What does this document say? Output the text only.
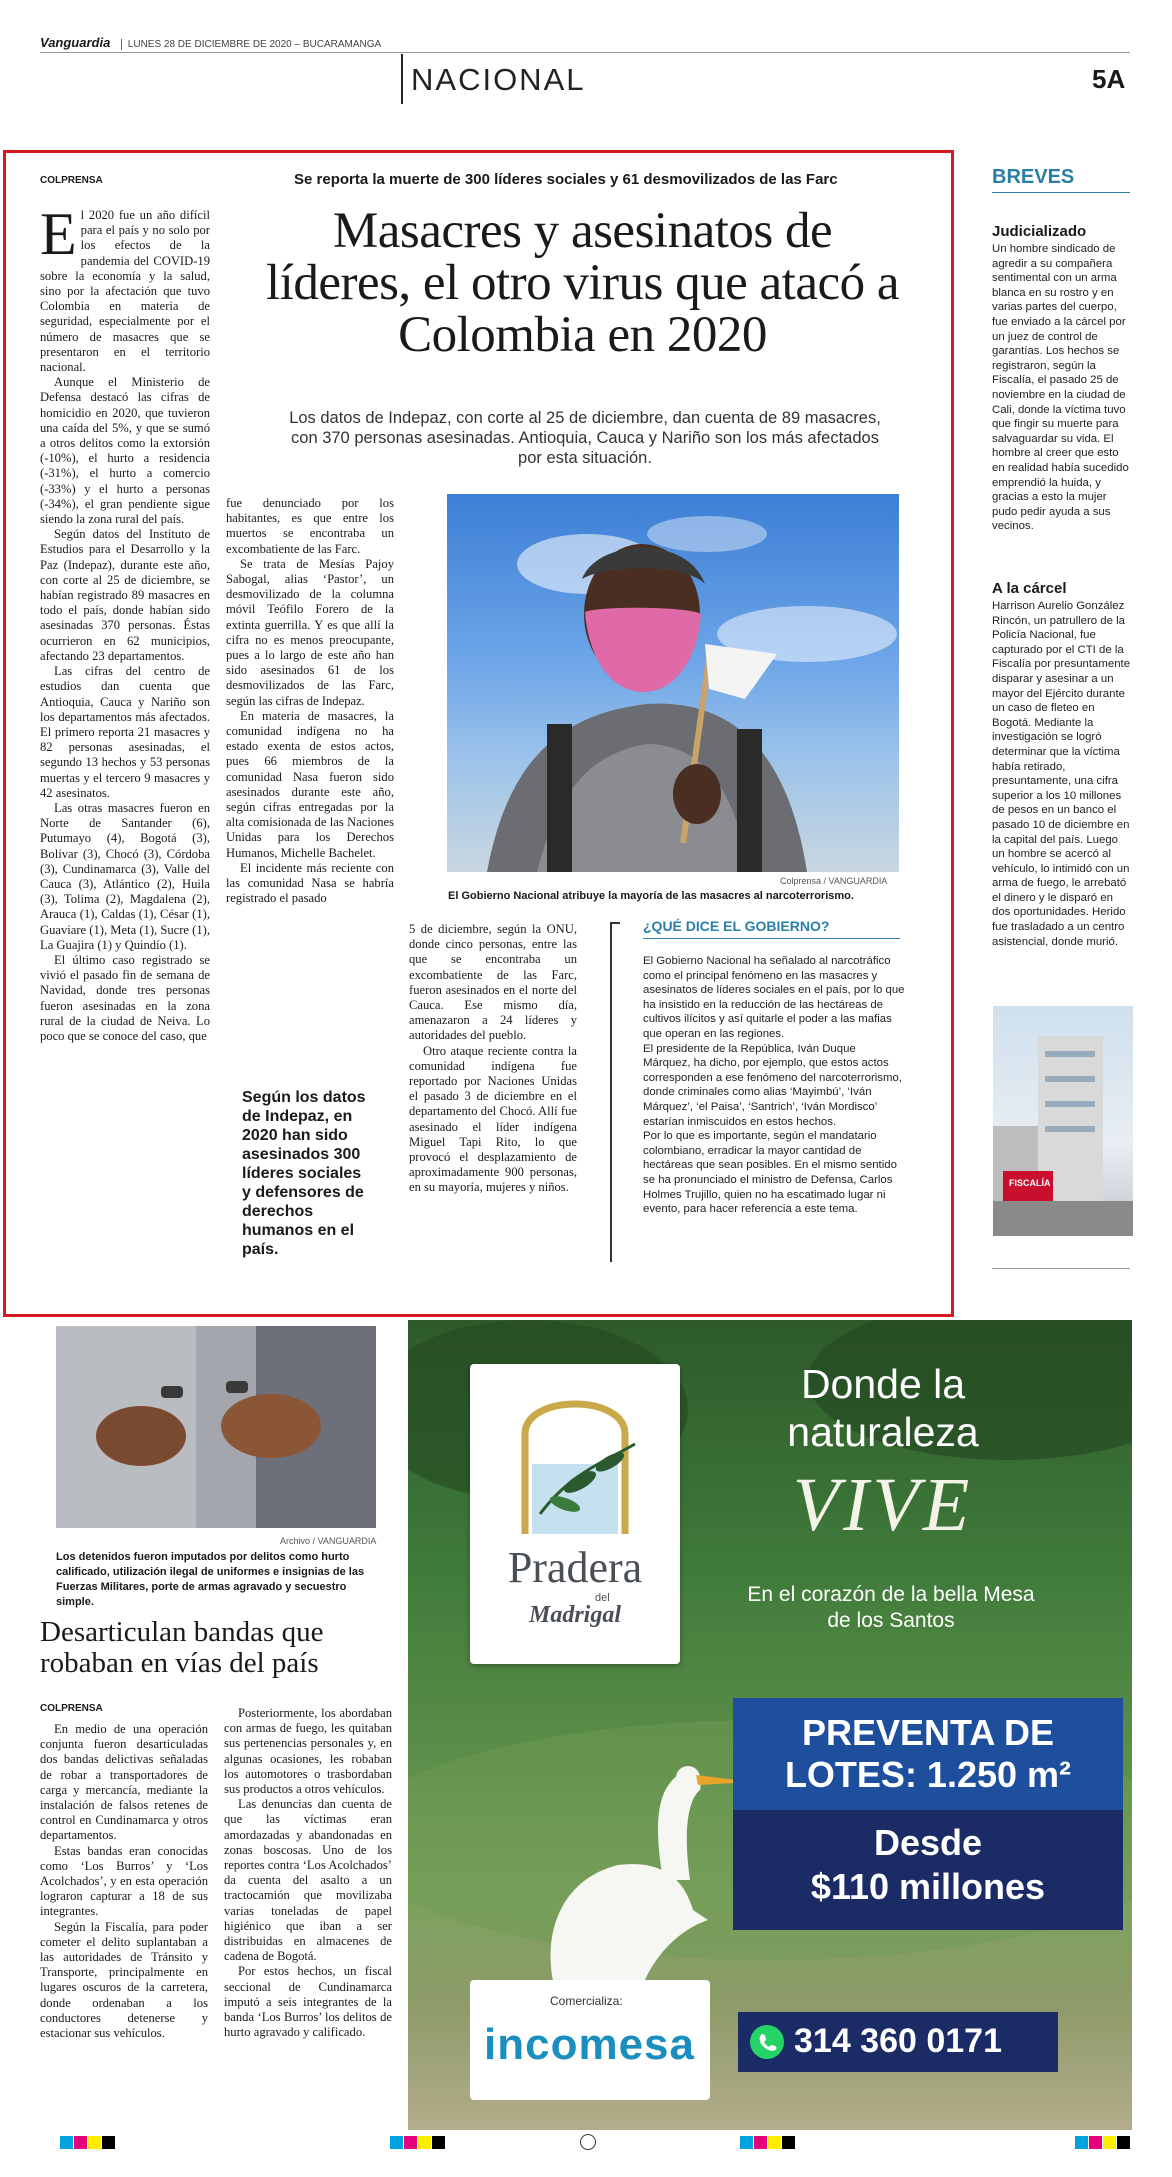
Vanguardia LUNES 28 DE DICIEMBRE DE 2020 – BUCARAMANGA
NACIONAL	5A
COLPRENSA	Se reporta la muerte de 300 líderes sociales y 61 desmovilizados de las Farc
Masacres y asesinatos de líderes, el otro virus que atacó a Colombia en 2020
Los datos de Indepaz, con corte al 25 de diciembre, dan cuenta de 89 masacres, con 370 personas asesinadas. Antioquia, Cauca y Nariño son los más afectados por esta situación.

El 2020 fue un año difícil para el país y no solo por los efectos de la pandemia del COVID-19 sobre la economía y la salud, sino por la afectación que tuvo Colombia en materia de seguridad, especialmente por el número de masacres que se presentaron en el territorio nacional.

Aunque el Ministerio de Defensa destacó las cifras de homicidio en 2020, que tuvieron una caída del 5%, y que se sumó a otros delitos como la extorsión (-10%), el hurto a residencia (-31%), el hurto a comercio (-33%) y el hurto a personas (-34%), el gran pendiente sigue siendo la zona rural del país.

Según datos del Instituto de Estudios para el Desarrollo y la Paz (Indepaz), durante este año, con corte al 25 de diciembre, se habían registrado 89 masacres en todo el país, donde habían sido asesinadas 370 personas. Éstas ocurrieron en 62 municipios, afectando 23 departamentos.

Las cifras del centro de estudios dan cuenta que Antioquia, Cauca y Nariño son los departamentos más afectados. El primero reporta 21 masacres y 82 personas asesinadas, el segundo 13 hechos y 53 personas muertas y el tercero 9 masacres y 42 asesinatos.

Las otras masacres fueron en Norte de Santander (6), Putumayo (4), Bogotá (3), Bolívar (3), Chocó (3), Córdoba (3), Cundinamarca (3), Valle del Cauca (3), Atlántico (2), Huila (3), Tolima (2), Magdalena (2), Arauca (1), Caldas (1), César (1), Guaviare (1), Meta (1), Sucre (1), La Guajira (1) y Quindío (1).

El último caso registrado se vivió el pasado fin de semana de Navidad, donde tres personas fueron asesinadas en la zona rural de la ciudad de Neiva. Lo poco que se conoce del caso, que

fue denunciado por los habitantes, es que entre los muertos se encontraba un excombatiente de las Farc.

Se trata de Mesías Pajoy Sabogal, alias ‘Pastor’, un desmovilizado de la columna móvil Teófilo Forero de la extinta guerrilla. Y es que allí la cifra no es menos preocupante, pues a lo largo de este año han sido asesinados 61 de los desmovilizados de las Farc, según las cifras de Indepaz.

En materia de masacres, la comunidad indígena no ha estado exenta de estos actos, pues 66 miembros de la comunidad Nasa fueron sido asesinados durante este año, según cifras entregadas por la alta comisionada de las Naciones Unidas para los Derechos Humanos, Michelle Bachelet.

El incidente más reciente con las comunidad Nasa se habría registrado el pasado

Según los datos de Indepaz, en 2020 han sido asesinados 300 líderes sociales y defensores de derechos humanos en el país.
Colprensa / VANGUARDIA
El Gobierno Nacional atribuye la mayoría de las masacres al narcoterrorismo.

5 de diciembre, según la ONU, donde cinco personas, entre las que se encontraba un excombatiente de las Farc, fueron asesinados en el norte del Cauca. Ese mismo día, amenazaron a 24 líderes y autoridades del pueblo.

Otro ataque reciente contra la comunidad indígena fue reportado por Naciones Unidas el pasado 3 de diciembre en el departamento del Chocó. Allí fue asesinado el líder indígena Miguel Tapi Rito, lo que provocó el desplazamiento de aproximadamente 900 personas, en su mayoría, mujeres y niños.

¿QUÉ DICE EL GOBIERNO?

El Gobierno Nacional ha señalado al narcotráfico como el principal fenómeno en las masacres y asesinatos de líderes sociales en el país, por lo que ha insistido en la reducción de las hectáreas de cultivos ilícitos y así quitarle el poder a las mafias que operan en las regiones.

El presidente de la República, Iván Duque Márquez, ha dicho, por ejemplo, que estos actos corresponden a ese fenómeno del narcoterrorismo, donde criminales como alias ‘Mayimbú’, ‘Iván Márquez’, ‘el Paisa’, ‘Santrich’, ‘Iván Mordisco’ estarían inmiscuidos en estos hechos.

Por lo que es importante, según el mandatario colombiano, erradicar la mayor cantidad de hectáreas que sean posibles. En el mismo sentido se ha pronunciado el ministro de Defensa, Carlos Holmes Trujillo, quien no ha escatimado lugar ni evento, para hacer referencia a este tema.

BREVES
Judicializado
Un hombre sindicado de agredir a su compañera sentimental con un arma blanca en su rostro y en varias partes del cuerpo, fue enviado a la cárcel por un juez de control de garantías. Los hechos se registraron, según la Fiscalía, el pasado 25 de noviembre en la ciudad de Cali, donde la víctima tuvo que fingir su muerte para salvaguardar su vida. El hombre al creer que esto en realidad había sucedido emprendió la huida, y gracias a esto la mujer pudo pedir ayuda a sus vecinos.
A la cárcel
Harrison Aurelio González Rincón, un patrullero de la Policía Nacional, fue capturado por el CTI de la Fiscalía por presuntamente disparar y asesinar a un mayor del Ejército durante un caso de fleteo en Bogotá. Mediante la investigación se logró determinar que la víctima había retirado, presuntamente, una cifra superior a los 10 millones de pesos en un banco el pasado 10 de diciembre en la capital del país. Luego un hombre se acercó al vehículo, lo intimidó con un arma de fuego, le arrebató el dinero y le disparó en dos oportunidades. Herido fue trasladado a un centro asistencial, donde murió.
FISCALÍA
Archivo / VANGUARDIA
Los detenidos fueron imputados por delitos como hurto calificado, utilización ilegal de uniformes e insignias de las Fuerzas Militares, porte de armas agravado y secuestro simple.
Desarticulan bandas que robaban en vías del país
COLPRENSA

En medio de una operación conjunta fueron desarticuladas dos bandas delictivas señaladas de robar a transportadores de carga y mercancía, mediante la instalación de falsos retenes de control en Cundinamarca y otros departamentos.

Estas bandas eran conocidas como ‘Los Burros’ y ‘Los Acolchados’, y en esta operación lograron capturar a 18 de sus integrantes.

Según la Fiscalía, para poder cometer el delito suplantaban a las autoridades de Tránsito y Transporte, principalmente en lugares oscuros de la carretera, donde ordenaban a los conductores detenerse y estacionar sus vehículos.

Posteriormente, los abordaban con armas de fuego, les quitaban sus pertenencias personales y, en algunas ocasiones, les robaban los automotores o trasbordaban sus productos a otros vehículos.

Las denuncias dan cuenta de que las víctimas eran amordazadas y abandonadas en zonas boscosas. Uno de los reportes contra ‘Los Acolchados’ da cuenta del asalto a un tractocamión que movilizaba varias toneladas de papel higiénico que iban a ser distribuidas en almacenes de cadena de Bogotá.

Por estos hechos, un fiscal seccional de Cundinamarca imputó a seis integrantes de la banda ‘Los Burros’ los delitos de hurto agravado y calificado.

Pradera
del
Madrigal
Donde la naturaleza
VIVE
En el corazón de la bella Mesa de los Santos
PREVENTA DE
LOTES: 1.250 m²
Desde
$110 millones
Comercializa:
incomesa	314 360 0171
